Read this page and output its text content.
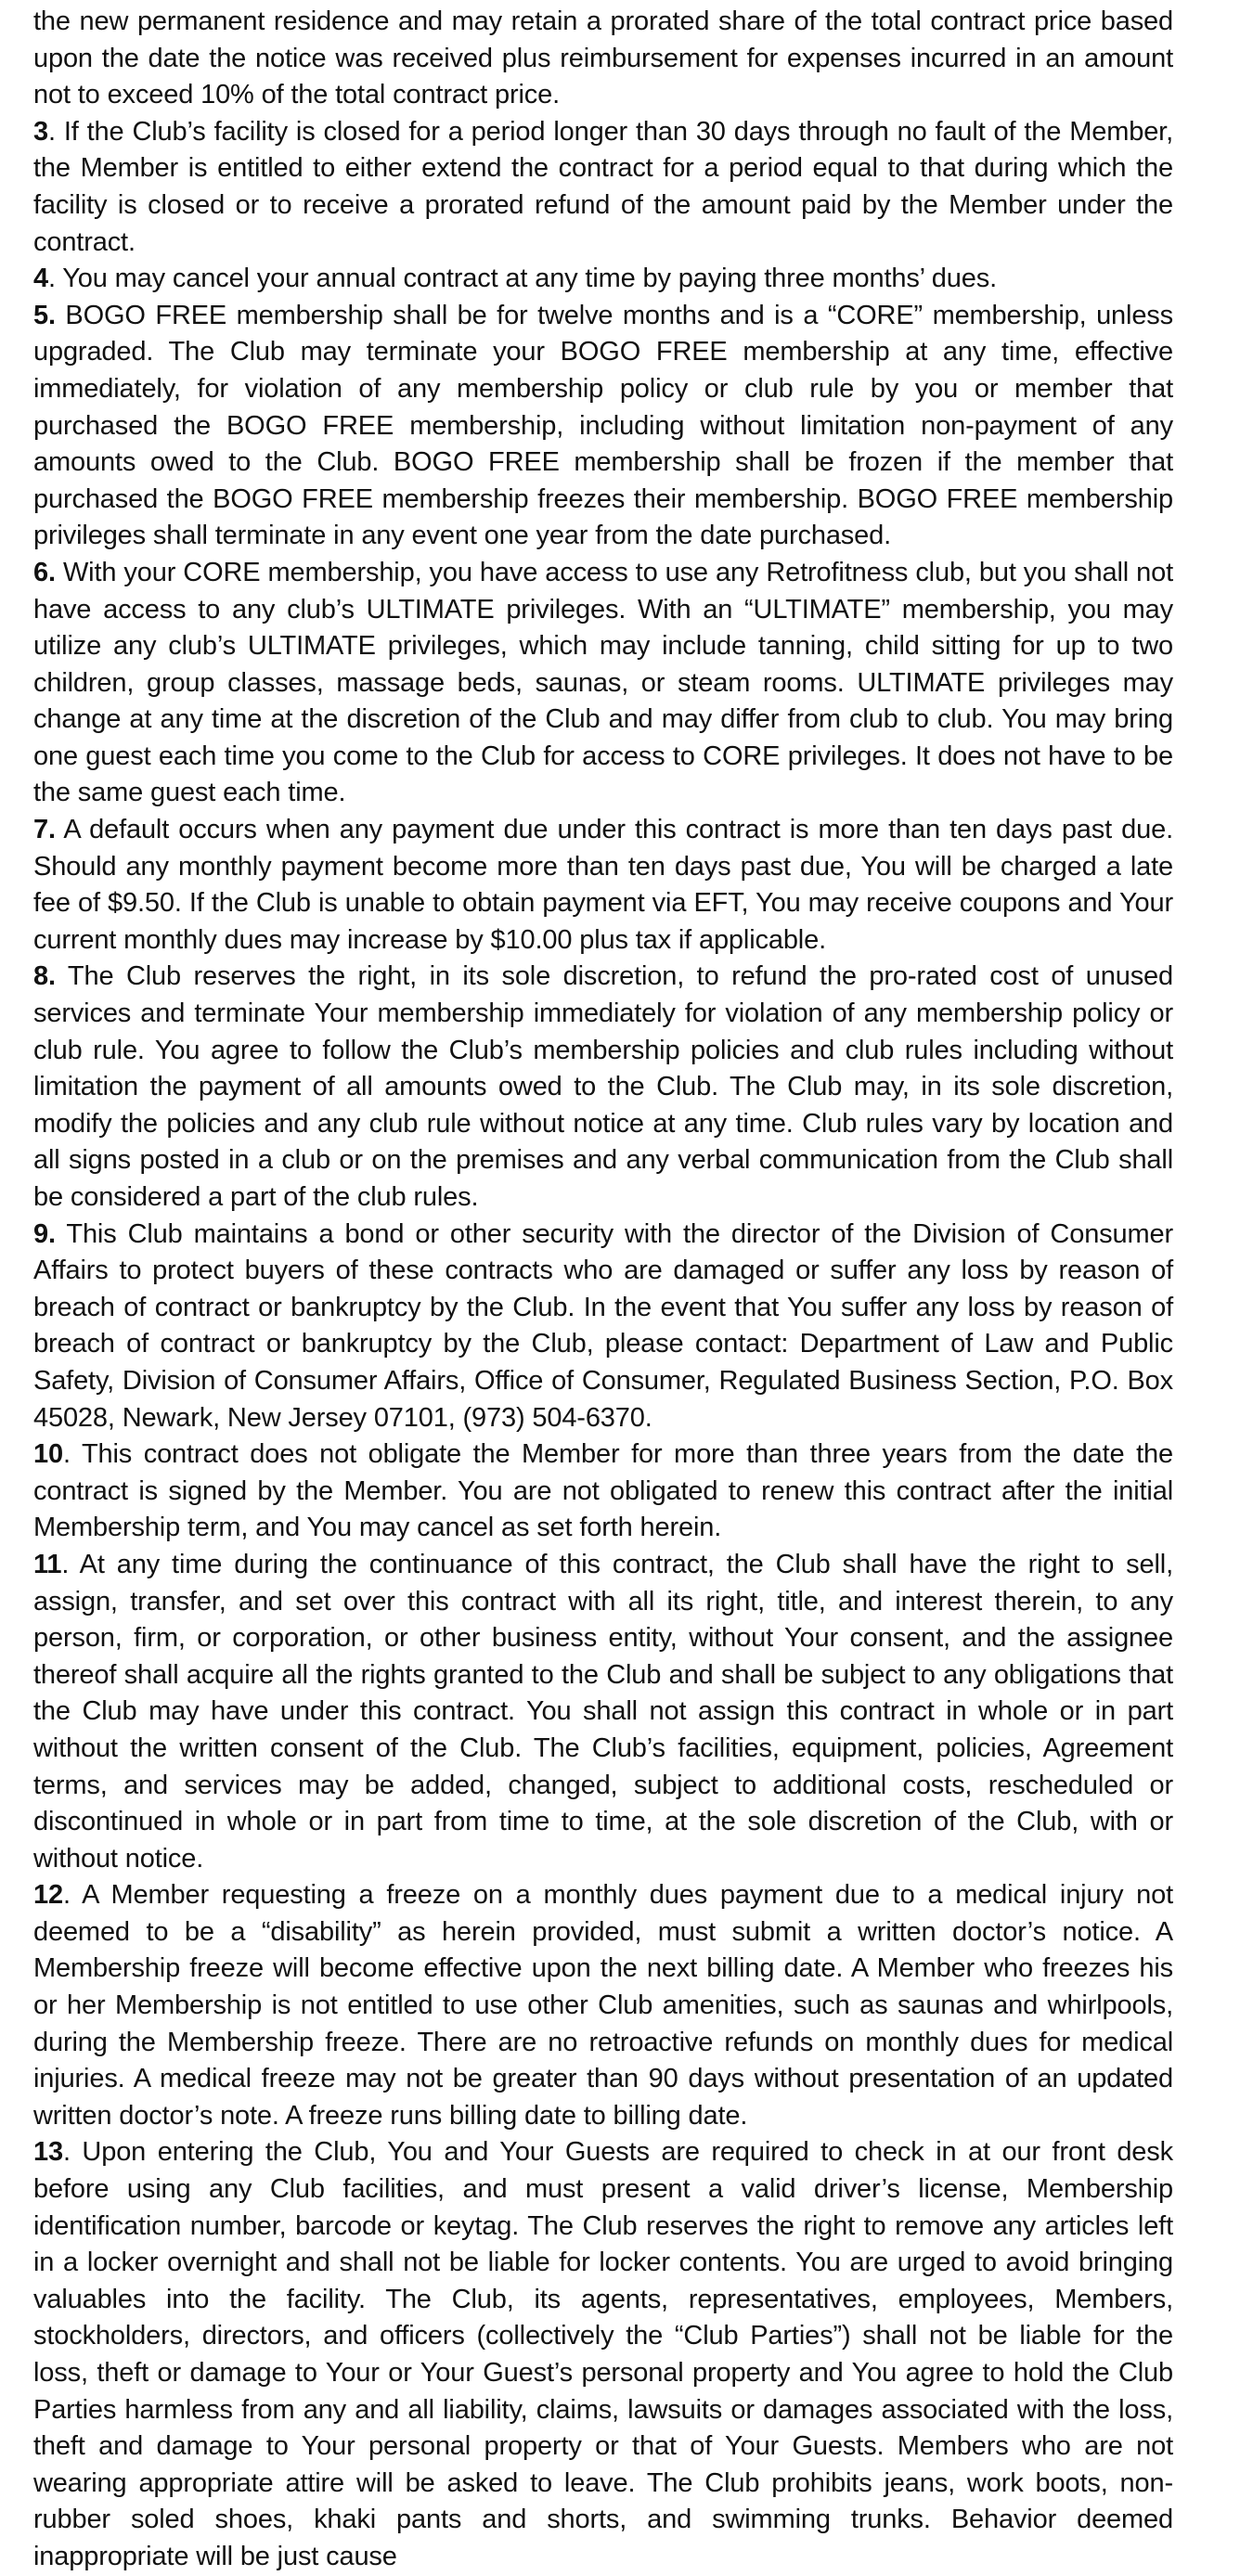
the new permanent residence and may retain a prorated share of the total contract price based upon the date the notice was received plus reimbursement for expenses incurred in an amount not to exceed 10% of the total contract price.

3. If the Club’s facility is closed for a period longer than 30 days through no fault of the Member, the Member is entitled to either extend the contract for a period equal to that during which the facility is closed or to receive a prorated refund of the amount paid by the Member under the contract.

4. You may cancel your annual contract at any time by paying three months’ dues.

5. BOGO FREE membership shall be for twelve months and is a “CORE” membership, unless upgraded. The Club may terminate your BOGO FREE membership at any time, effective immediately, for violation of any membership policy or club rule by you or member that purchased the BOGO FREE membership, including without limitation non-payment of any amounts owed to the Club. BOGO FREE membership shall be frozen if the member that purchased the BOGO FREE membership freezes their membership. BOGO FREE membership privileges shall terminate in any event one year from the date purchased.

6. With your CORE membership, you have access to use any Retrofitness club, but you shall not have access to any club’s ULTIMATE privileges. With an “ULTIMATE” membership, you may utilize any club’s ULTIMATE privileges, which may include tanning, child sitting for up to two children, group classes, massage beds, saunas, or steam rooms. ULTIMATE privileges may change at any time at the discretion of the Club and may differ from club to club. You may bring one guest each time you come to the Club for access to CORE privileges. It does not have to be the same guest each time.

7. A default occurs when any payment due under this contract is more than ten days past due. Should any monthly payment become more than ten days past due, You will be charged a late fee of $9.50. If the Club is unable to obtain payment via EFT, You may receive coupons and Your current monthly dues may increase by $10.00 plus tax if applicable.

8. The Club reserves the right, in its sole discretion, to refund the pro-rated cost of unused services and terminate Your membership immediately for violation of any membership policy or club rule. You agree to follow the Club’s membership policies and club rules including without limitation the payment of all amounts owed to the Club. The Club may, in its sole discretion, modify the policies and any club rule without notice at any time. Club rules vary by location and all signs posted in a club or on the premises and any verbal communication from the Club shall be considered a part of the club rules.

9. This Club maintains a bond or other security with the director of the Division of Consumer Affairs to protect buyers of these contracts who are damaged or suffer any loss by reason of breach of contract or bankruptcy by the Club. In the event that You suffer any loss by reason of breach of contract or bankruptcy by the Club, please contact: Department of Law and Public Safety, Division of Consumer Affairs, Office of Consumer, Regulated Business Section, P.O. Box 45028, Newark, New Jersey 07101, (973) 504-6370.

10. This contract does not obligate the Member for more than three years from the date the contract is signed by the Member. You are not obligated to renew this contract after the initial Membership term, and You may cancel as set forth herein.

11. At any time during the continuance of this contract, the Club shall have the right to sell, assign, transfer, and set over this contract with all its right, title, and interest therein, to any person, firm, or corporation, or other business entity, without Your consent, and the assignee thereof shall acquire all the rights granted to the Club and shall be subject to any obligations that the Club may have under this contract. You shall not assign this contract in whole or in part without the written consent of the Club. The Club’s facilities, equipment, policies, Agreement terms, and services may be added, changed, subject to additional costs, rescheduled or discontinued in whole or in part from time to time, at the sole discretion of the Club, with or without notice.

12. A Member requesting a freeze on a monthly dues payment due to a medical injury not deemed to be a “disability” as herein provided, must submit a written doctor’s notice. A Membership freeze will become effective upon the next billing date. A Member who freezes his or her Membership is not entitled to use other Club amenities, such as saunas and whirlpools, during the Membership freeze. There are no retroactive refunds on monthly dues for medical injuries. A medical freeze may not be greater than 90 days without presentation of an updated written doctor’s note. A freeze runs billing date to billing date.

13. Upon entering the Club, You and Your Guests are required to check in at our front desk before using any Club facilities, and must present a valid driver’s license, Membership identification number, barcode or keytag. The Club reserves the right to remove any articles left in a locker overnight and shall not be liable for locker contents. You are urged to avoid bringing valuables into the facility. The Club, its agents, representatives, employees, Members, stockholders, directors, and officers (collectively the “Club Parties”) shall not be liable for the loss, theft or damage to Your or Your Guest’s personal property and You agree to hold the Club Parties harmless from any and all liability, claims, lawsuits or damages associated with the loss, theft and damage to Your personal property or that of Your Guests. Members who are not wearing appropriate attire will be asked to leave. The Club prohibits jeans, work boots, non-rubber soled shoes, khaki pants and shorts, and swimming trunks. Behavior deemed inappropriate will be just cause
